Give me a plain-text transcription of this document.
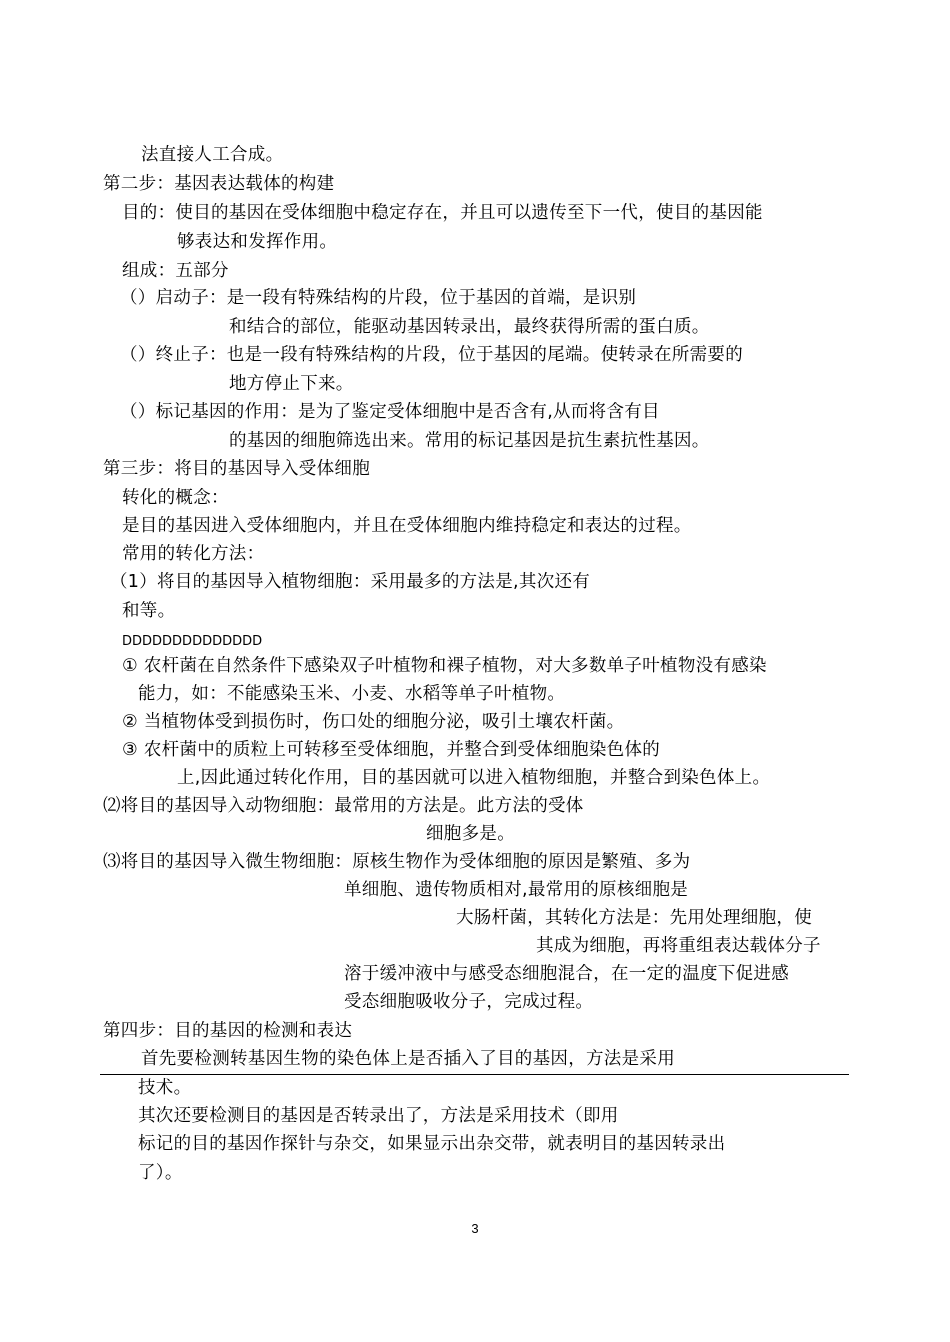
法直接人工合成。
第二步：基因表达载体的构建
目的：使目的基因在受体细胞中稳定存在，并且可以遗传至下一代，使目的基因能
够表达和发挥作用。
组成：五部分
（）启动子：是一段有特殊结构的片段，位于基因的首端，是识别
和结合的部位，能驱动基因转录出，最终获得所需的蛋白质。
（）终止子：也是一段有特殊结构的片段，位于基因的尾端。使转录在所需要的
地方停止下来。
（）标记基因的作用：是为了鉴定受体细胞中是否含有,从而将含有目
的基因的细胞筛选出来。常用的标记基因是抗生素抗性基因。
第三步：将目的基因导入受体细胞
转化的概念：
是目的基因进入受体细胞内，并且在受体细胞内维持稳定和表达的过程。
常用的转化方法：
（1）将目的基因导入植物细胞：采用最多的方法是,其次还有
和等。
DDDDDDDDDDDDDD
① 农杆菌在自然条件下感染双子叶植物和裸子植物，对大多数单子叶植物没有感染
能力，如：不能感染玉米、小麦、水稻等单子叶植物。
② 当植物体受到损伤时，伤口处的细胞分泌，吸引土壤农杆菌。
③ 农杆菌中的质粒上可转移至受体细胞，并整合到受体细胞染色体的
上,因此通过转化作用，目的基因就可以进入植物细胞，并整合到染色体上。
⑵将目的基因导入动物细胞：最常用的方法是。此方法的受体
细胞多是。
⑶将目的基因导入微生物细胞：原核生物作为受体细胞的原因是繁殖、多为
单细胞、遗传物质相对,最常用的原核细胞是
大肠杆菌，其转化方法是：先用处理细胞，使
其成为细胞，再将重组表达载体分子
溶于缓冲液中与感受态细胞混合，在一定的温度下促进感
受态细胞吸收分子，完成过程。
第四步：目的基因的检测和表达
首先要检测转基因生物的染色体上是否插入了目的基因，方法是采用
技术。
其次还要检测目的基因是否转录出了，方法是采用技术（即用
标记的目的基因作探针与杂交，如果显示出杂交带，就表明目的基因转录出
了）。
3
